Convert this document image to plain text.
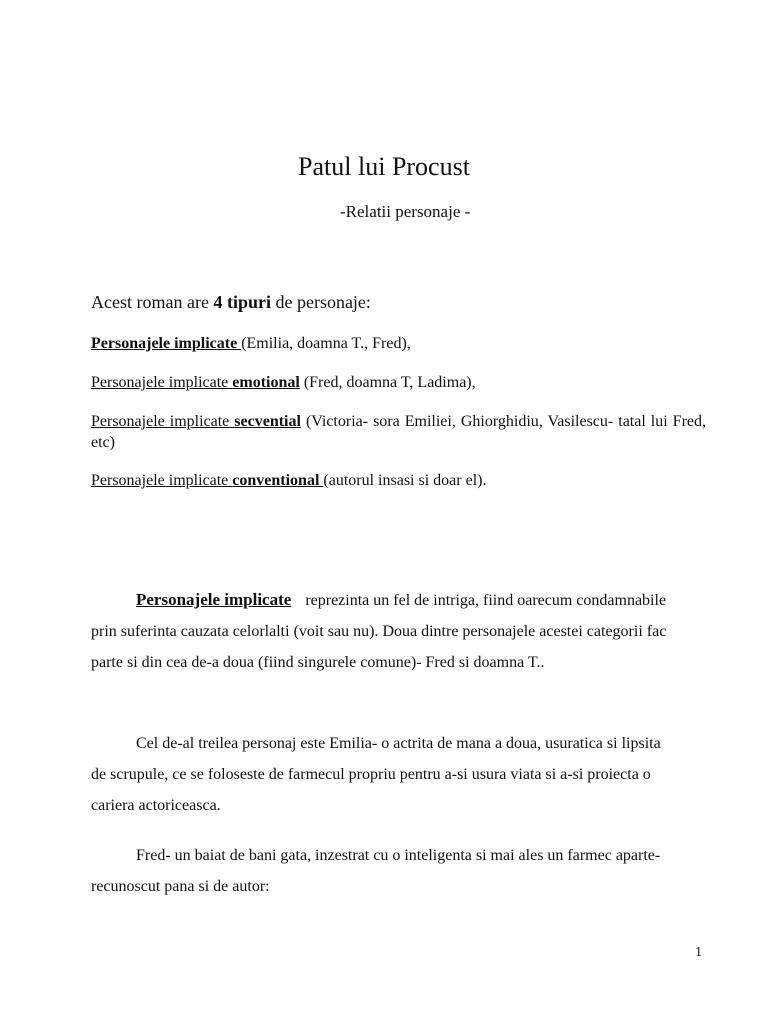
Patul lui Procust
-Relatii personaje -
Acest roman are 4 tipuri de personaje:
Personajele implicate (Emilia, doamna T., Fred),
Personajele implicate emotional (Fred, doamna T, Ladima),
Personajele implicate secvential (Victoria- sora Emiliei, Ghiorghidiu, Vasilescu- tatal lui Fred, etc)
Personajele implicate conventional (autorul insasi si doar el).
Personajele implicate reprezinta un fel de intriga, fiind oarecum condamnabile prin suferinta cauzata celorlalti (voit sau nu). Doua dintre personajele acestei categorii fac parte si din cea de-a doua (fiind singurele comune)- Fred si doamna T..
Cel de-al treilea personaj este Emilia- o actrita de mana a doua, usuratica si lipsita de scrupule, ce se foloseste de farmecul propriu pentru a-si usura viata si a-si proiecta o cariera actoriceasca.
Fred- un baiat de bani gata, inzestrat cu o inteligenta si mai ales un farmec aparte- recunoscut pana si de autor:
1
